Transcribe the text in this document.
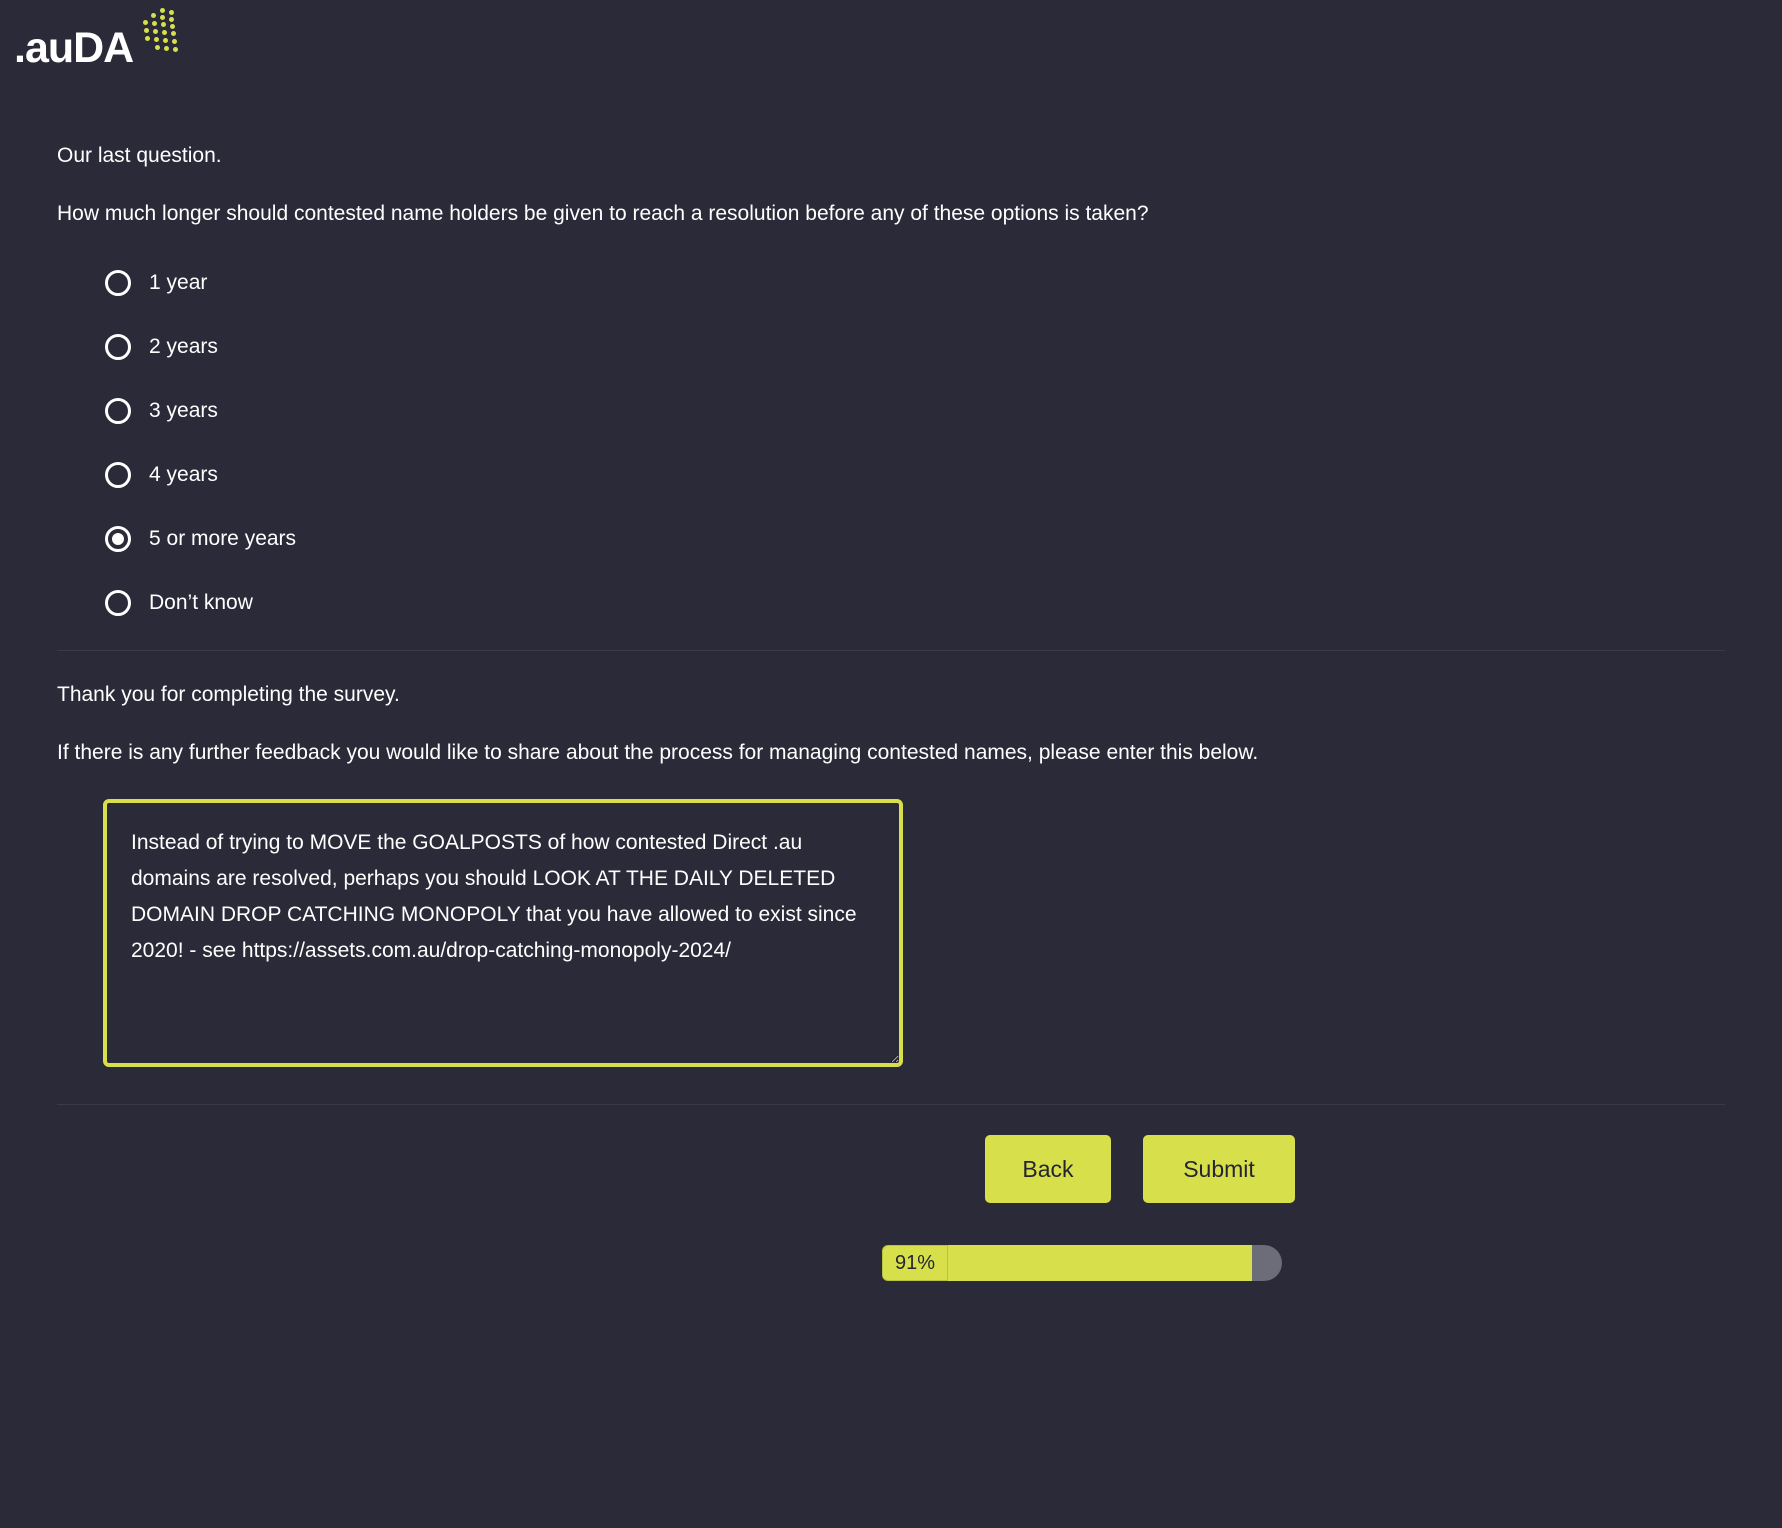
.auDA

Our last question.

How much longer should contested name holders be given to reach a resolution before any of these options is taken?

1 year
2 years
3 years
4 years
5 or more years
Don’t know

Thank you for completing the survey.

If there is any further feedback you would like to share about the process for managing contested names, please enter this below.

Instead of trying to MOVE the GOALPOSTS of how contested Direct .au domains are resolved, perhaps you should LOOK AT THE DAILY DELETED DOMAIN DROP CATCHING MONOPOLY that you have allowed to exist since 2020! - see https://assets.com.au/drop-catching-monopoly-2024/
Back	Submit
91%
